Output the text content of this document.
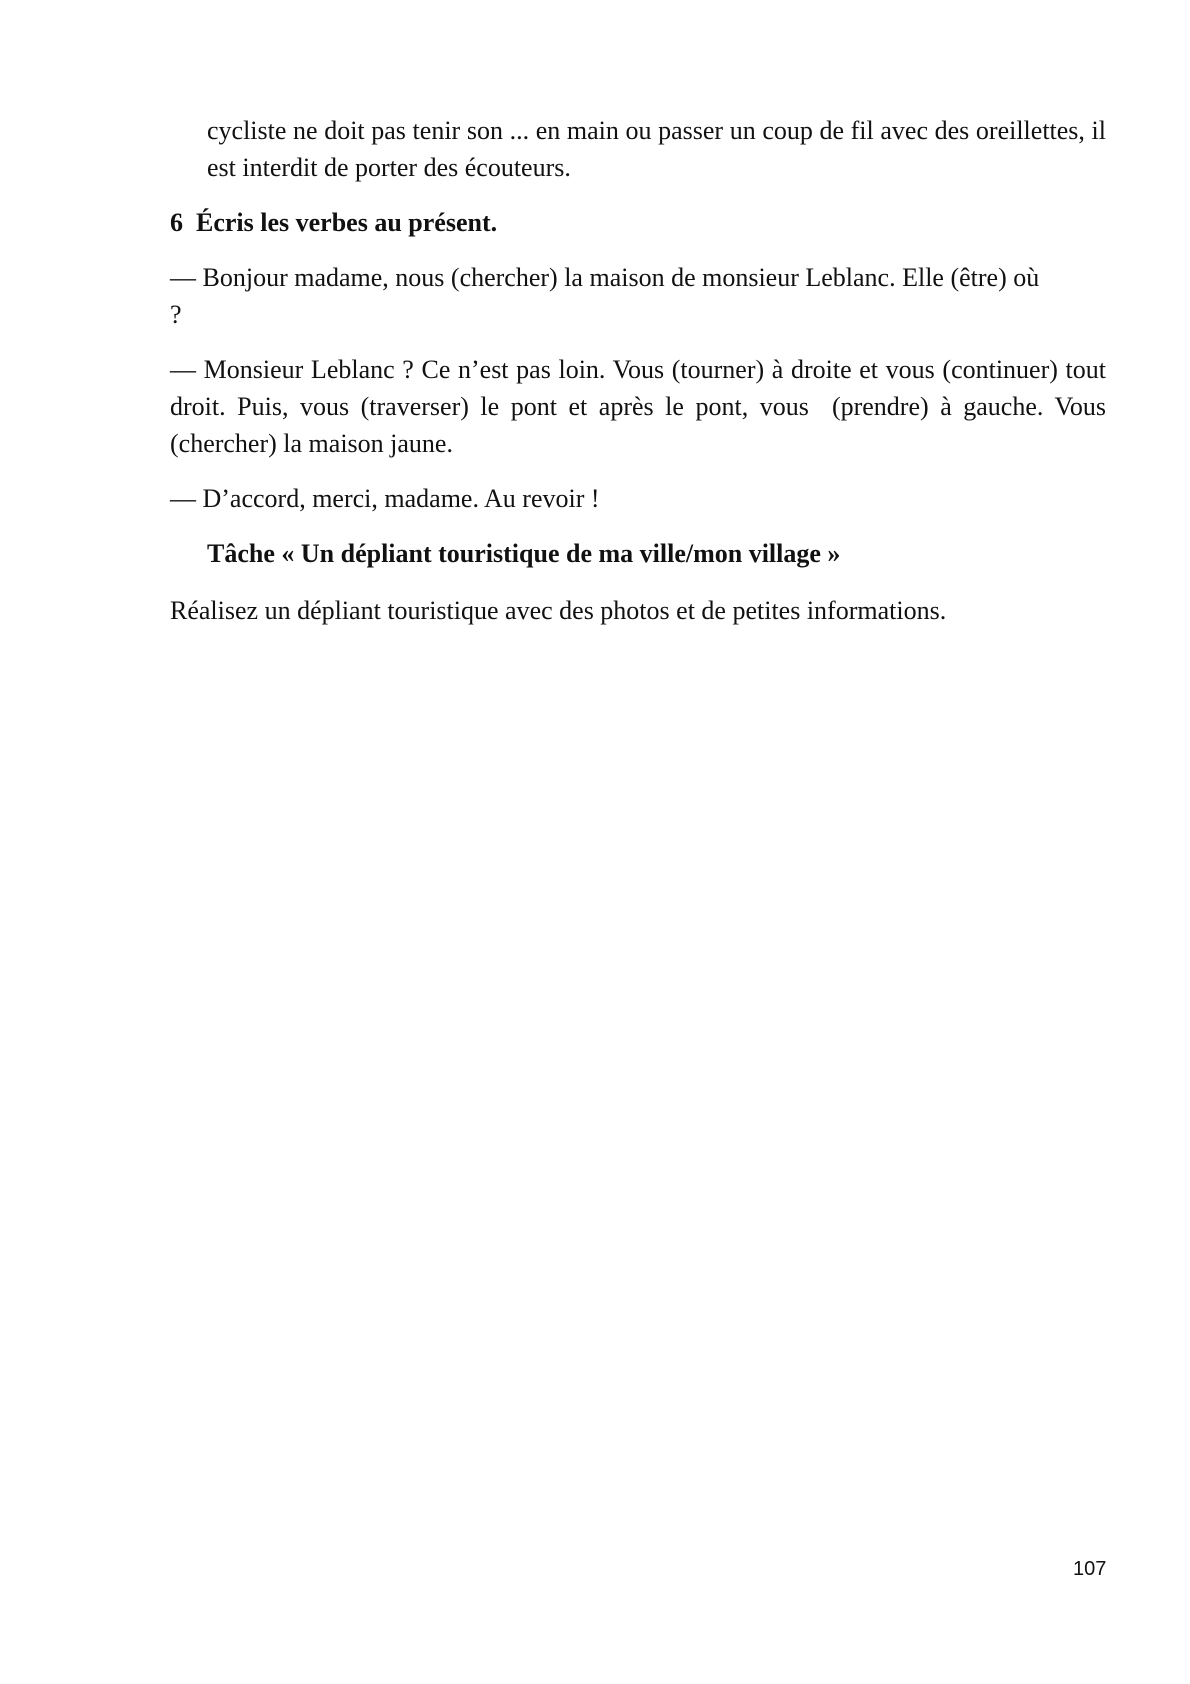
cycliste ne doit pas tenir son ... en main ou passer un coup de fil avec des oreillettes, il est interdit de porter des écouteurs.

6 Écris les verbes au présent.

— Bonjour madame, nous (chercher) la maison de monsieur Leblanc. Elle (être) où ?

— Monsieur Leblanc ? Ce n’est pas loin. Vous (tourner) à droite et vous (continuer) tout droit. Puis, vous (traverser) le pont et après le pont, vous  (prendre) à gauche. Vous (chercher) la maison jaune.

— D’accord, merci, madame. Au revoir !

Tâche « Un dépliant touristique de ma ville/mon village »

Réalisez un dépliant touristique avec des photos et de petites informations.

107
